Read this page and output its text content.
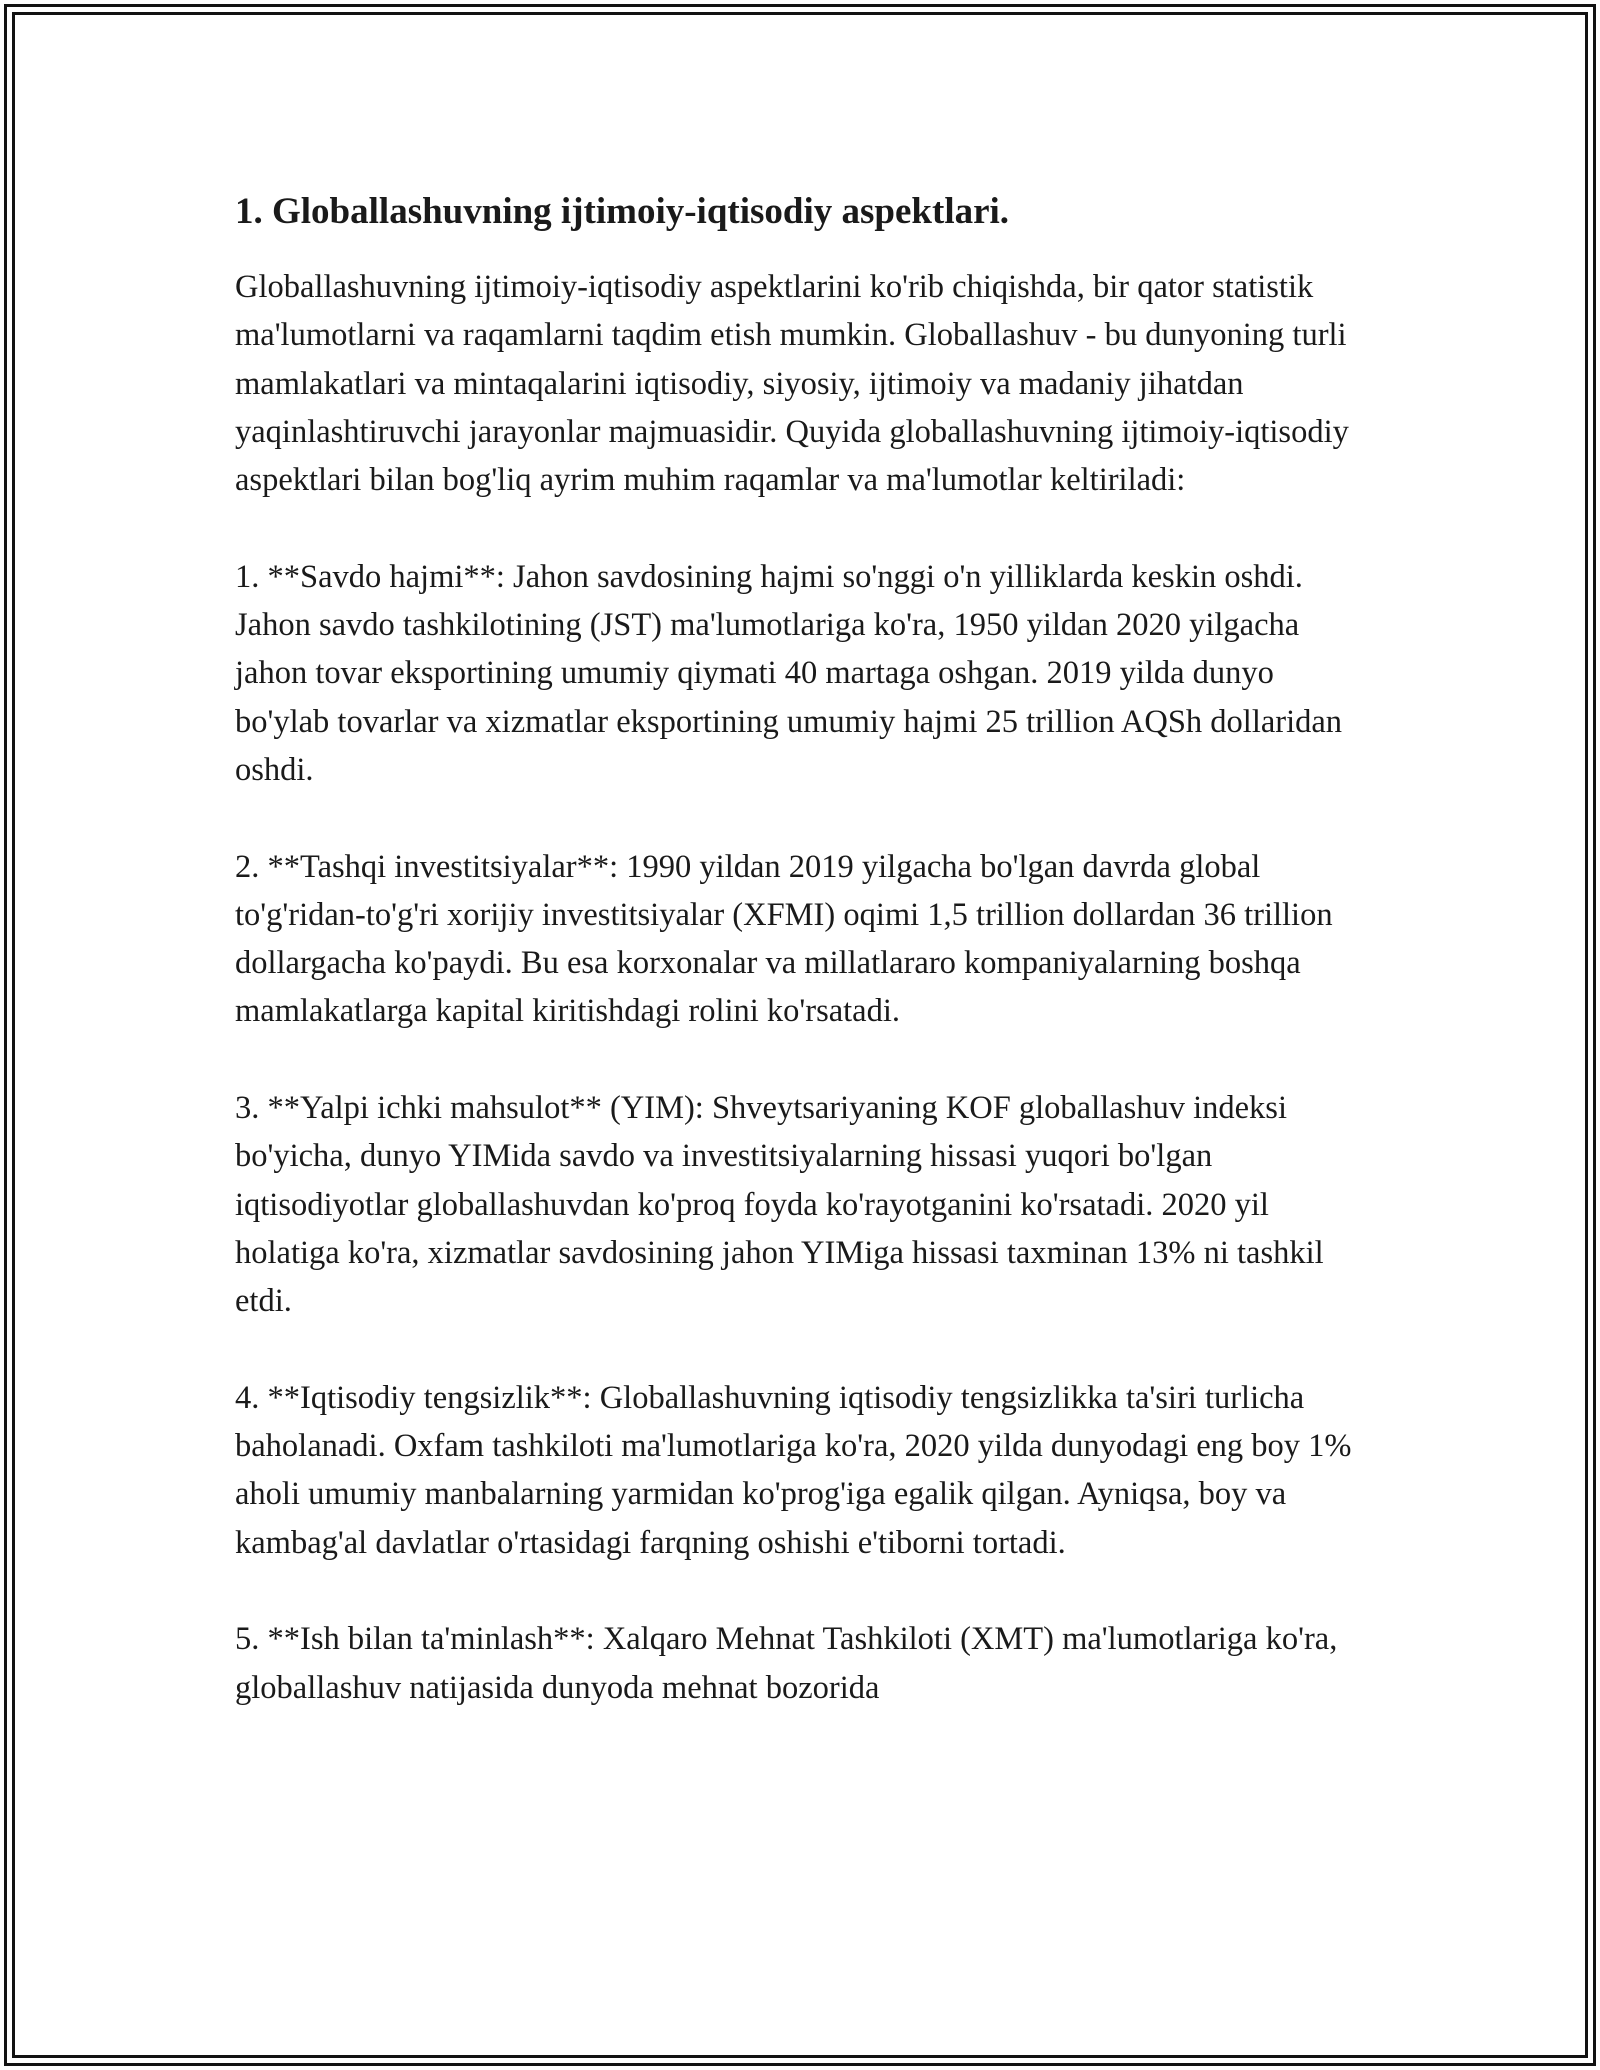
1. Globallashuvning ijtimoiy-iqtisodiy aspektlari.

Globallashuvning ijtimoiy-iqtisodiy aspektlarini ko'rib chiqishda, bir qator statistik ma'lumotlarni va raqamlarni taqdim etish mumkin. Globallashuv - bu dunyoning turli mamlakatlari va mintaqalarini iqtisodiy, siyosiy, ijtimoiy va madaniy jihatdan yaqinlashtiruvchi jarayonlar majmuasidir. Quyida globallashuvning ijtimoiy-iqtisodiy aspektlari bilan bog'liq ayrim muhim raqamlar va ma'lumotlar keltiriladi:

1. **Savdo hajmi**: Jahon savdosining hajmi so'nggi o'n yilliklarda keskin oshdi. Jahon savdo tashkilotining (JST) ma'lumotlariga ko'ra, 1950 yildan 2020 yilgacha jahon tovar eksportining umumiy qiymati 40 martaga oshgan. 2019 yilda dunyo bo'ylab tovarlar va xizmatlar eksportining umumiy hajmi 25 trillion AQSh dollaridan oshdi.

2. **Tashqi investitsiyalar**: 1990 yildan 2019 yilgacha bo'lgan davrda global to'g'ridan-to'g'ri xorijiy investitsiyalar (XFMI) oqimi 1,5 trillion dollardan 36 trillion dollargacha ko'paydi. Bu esa korxonalar va millatlararo kompaniyalarning boshqa mamlakatlarga kapital kiritishdagi rolini ko'rsatadi.

3. **Yalpi ichki mahsulot** (YIM): Shveytsariyaning KOF globallashuv indeksi bo'yicha, dunyo YIMida savdo va investitsiyalarning hissasi yuqori bo'lgan iqtisodiyotlar globallashuvdan ko'proq foyda ko'rayotganini ko'rsatadi. 2020 yil holatiga ko'ra, xizmatlar savdosining jahon YIMiga hissasi taxminan 13% ni tashkil etdi.

4. **Iqtisodiy tengsizlik**: Globallashuvning iqtisodiy tengsizlikka ta'siri turlicha baholanadi. Oxfam tashkiloti ma'lumotlariga ko'ra, 2020 yilda dunyodagi eng boy 1% aholi umumiy manbalarning yarmidan ko'prog'iga egalik qilgan. Ayniqsa, boy va kambag'al davlatlar o'rtasidagi farqning oshishi e'tiborni tortadi.

5. **Ish bilan ta'minlash**: Xalqaro Mehnat Tashkiloti (XMT) ma'lumotlariga ko'ra, globallashuv natijasida dunyoda mehnat bozorida
